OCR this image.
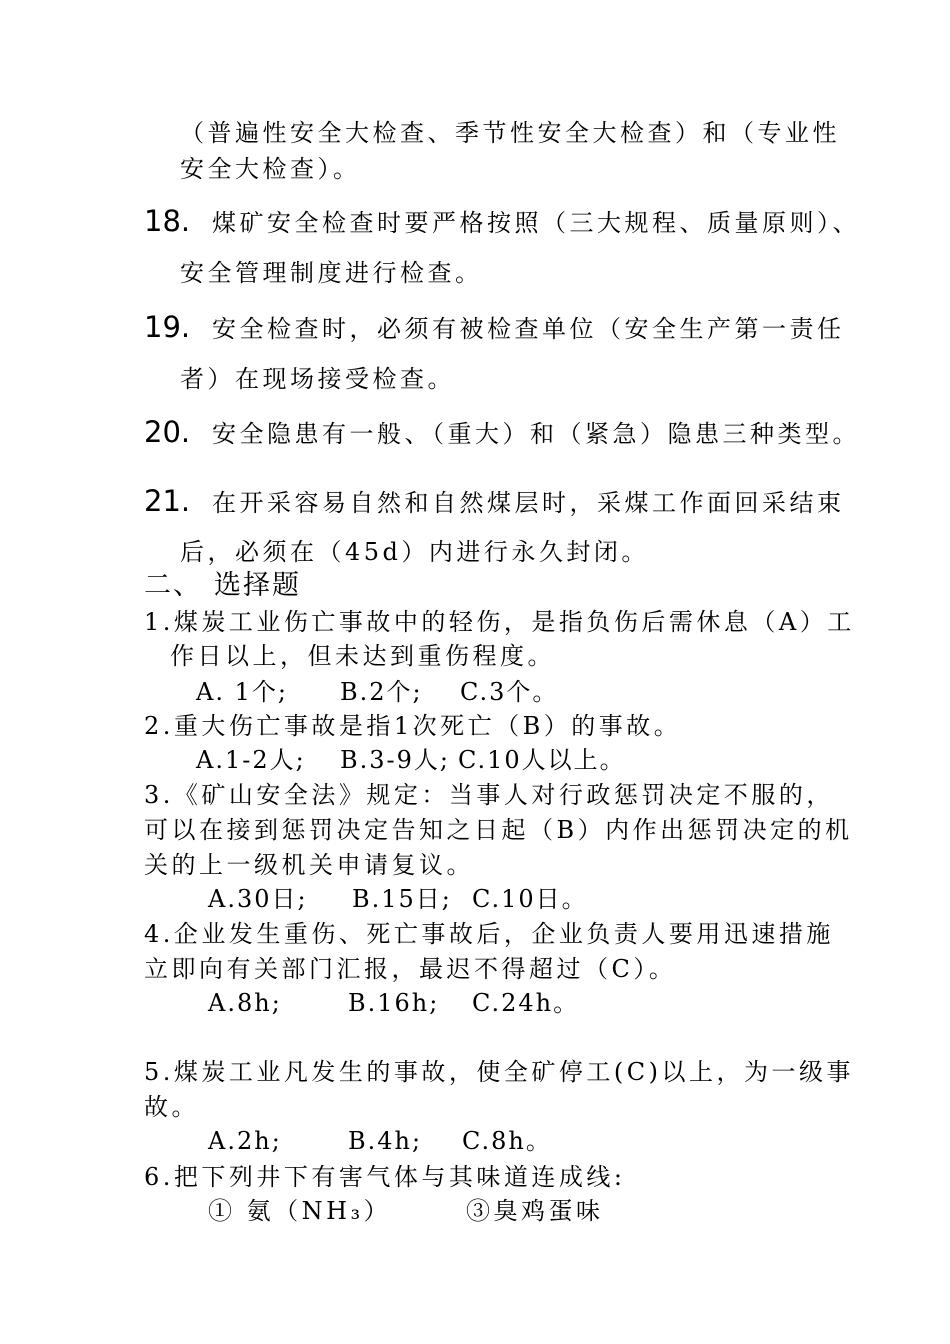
（普遍性安全大检查、季节性安全大检查）和（专业性
安全大检查）。
18. 煤矿安全检查时要严格按照（三大规程、质量原则）、
安全管理制度进行检查。
19. 安全检查时，必须有被检查单位（安全生产第一责任
者）在现场接受检查。
20. 安全隐患有一般、（重大）和（紧急）隐患三种类型。
21. 在开采容易自然和自然煤层时，采煤工作面回采结束
后，必须在（45d）内进行永久封闭。
二、 选择题
1.煤炭工业伤亡事故中的轻伤，是指负伤后需休息（A）工
作日以上，但未达到重伤程度。
A. 1个; B.2个; C.3个。
2.重大伤亡事故是指1次死亡（B）的事故。
A.1-2人; B.3-9人; C.10人以上。
3.《矿山安全法》规定：当事人对行政惩罚决定不服的，
可以在接到惩罚决定告知之日起（B）内作出惩罚决定的机
关的上一级机关申请复议。
A.30日; B.15日; C.10日。
4.企业发生重伤、死亡事故后，企业负责人要用迅速措施
立即向有关部门汇报，最迟不得超过（C）。
A.8h;	B.16h; C.24h。
5.煤炭工业凡发生的事故，使全矿停工(C)以上，为一级事
故。
A.2h;	B.4h; C.8h。
6.把下列井下有害气体与其味道连成线:
① 氨（NH₃）	③臭鸡蛋味
